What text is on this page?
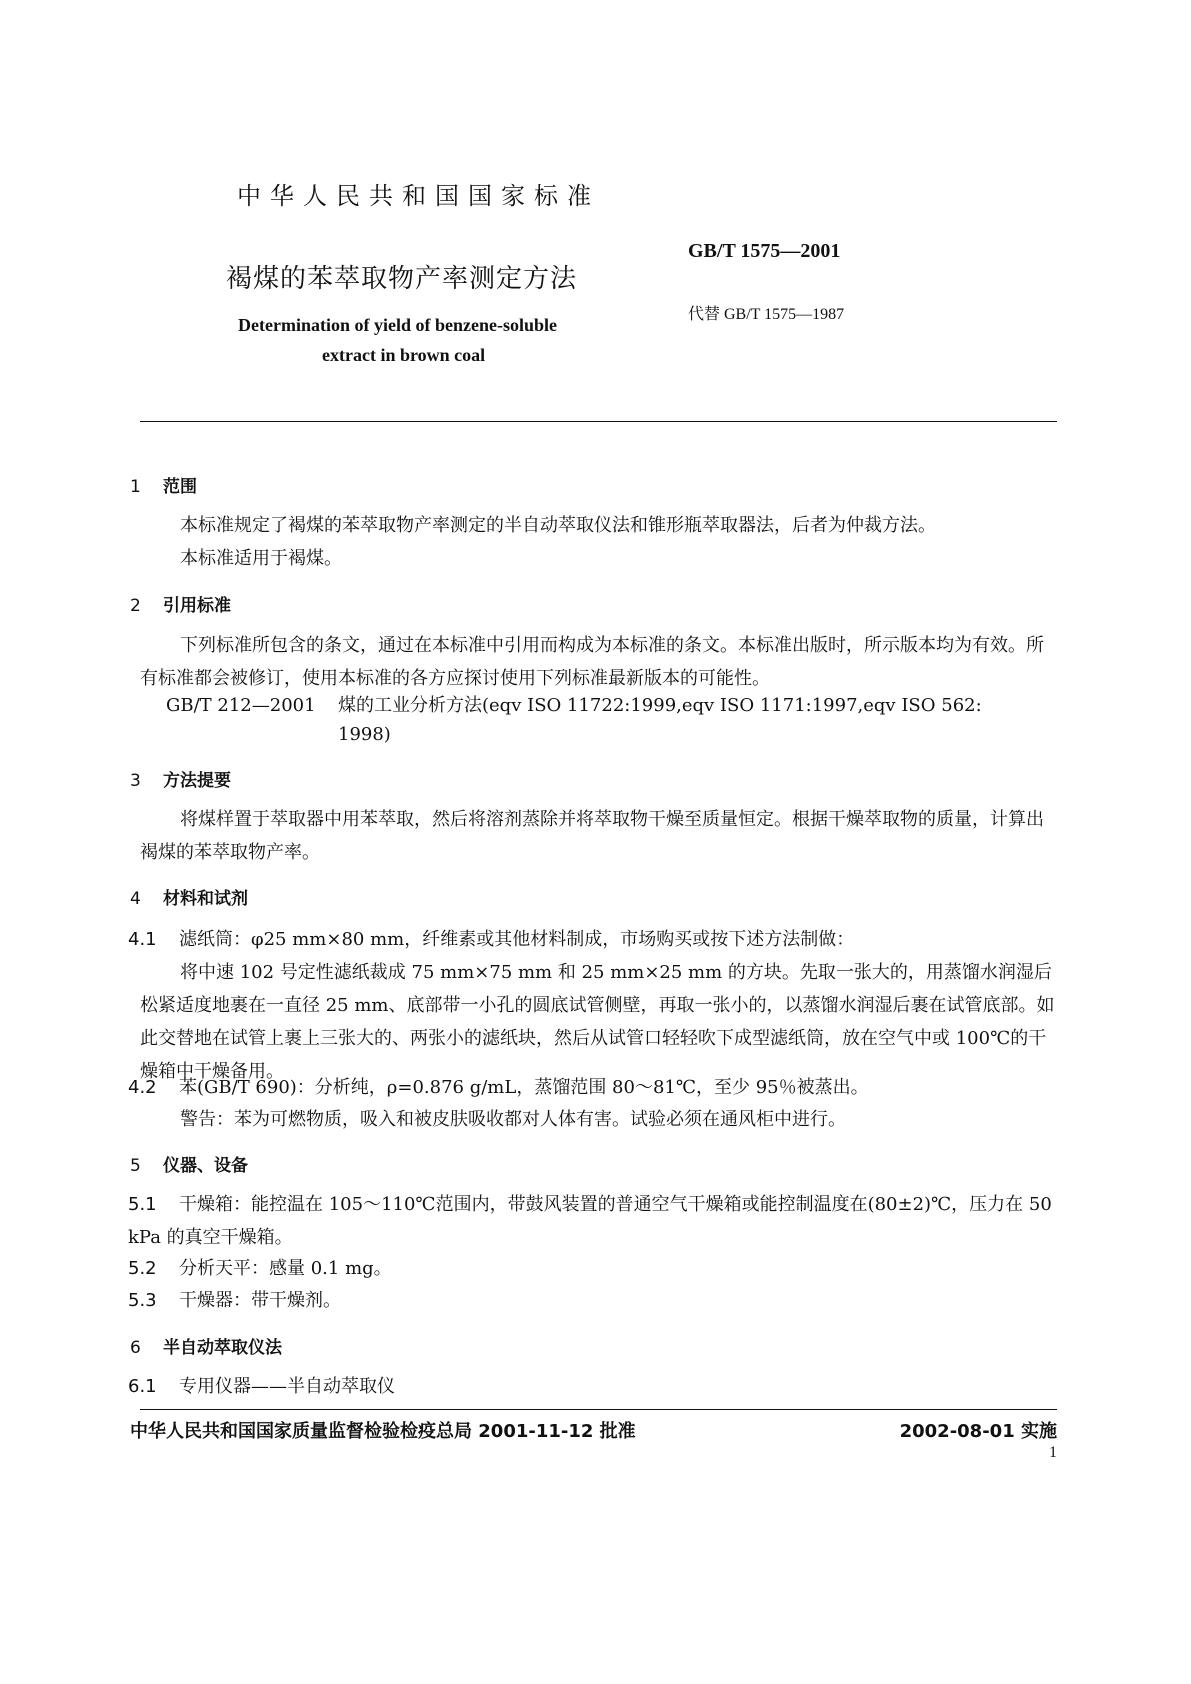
中华人民共和国国家标准
GB/T 1575—2001
褐煤的苯萃取物产率测定方法
代替 GB/T 1575—1987
Determination of yield of benzene-soluble
extract in brown coal
1 范围
本标准规定了褐煤的苯萃取物产率测定的半自动萃取仪法和锥形瓶萃取器法，后者为仲裁方法。
本标准适用于褐煤。
2 引用标准
下列标准所包含的条文，通过在本标准中引用而构成为本标准的条文。本标准出版时，所示版本均为有效。所有标准都会被修订，使用本标准的各方应探讨使用下列标准最新版本的可能性。
GB/T 212—2001 煤的工业分析方法(eqv ISO 11722:1999,eqv ISO 1171:1997,eqv ISO 562:
1998)
3 方法提要
将煤样置于萃取器中用苯萃取，然后将溶剂蒸除并将萃取物干燥至质量恒定。根据干燥萃取物的质量，计算出褐煤的苯萃取物产率。
4 材料和试剂
4.1 滤纸筒：φ25 mm×80 mm，纤维素或其他材料制成，市场购买或按下述方法制做：
将中速 102 号定性滤纸裁成 75 mm×75 mm 和 25 mm×25 mm 的方块。先取一张大的，用蒸馏水润湿后松紧适度地裹在一直径 25 mm、底部带一小孔的圆底试管侧壁，再取一张小的，以蒸馏水润湿后裹在试管底部。如此交替地在试管上裹上三张大的、两张小的滤纸块，然后从试管口轻轻吹下成型滤纸筒，放在空气中或 100℃的干燥箱中干燥备用。
4.2 苯(GB/T 690)：分析纯，ρ=0.876 g/mL，蒸馏范围 80～81℃，至少 95％被蒸出。
警告：苯为可燃物质，吸入和被皮肤吸收都对人体有害。试验必须在通风柜中进行。
5 仪器、设备
5.1 干燥箱：能控温在 105～110℃范围内，带鼓风装置的普通空气干燥箱或能控制温度在(80±2)℃，压力在 50 kPa 的真空干燥箱。
5.2 分析天平：感量 0.1 mg。
5.3 干燥器：带干燥剂。
6 半自动萃取仪法
6.1 专用仪器——半自动萃取仪
中华人民共和国国家质量监督检验检疫总局 2001-11-12 批准	2002-08-01 实施
1
